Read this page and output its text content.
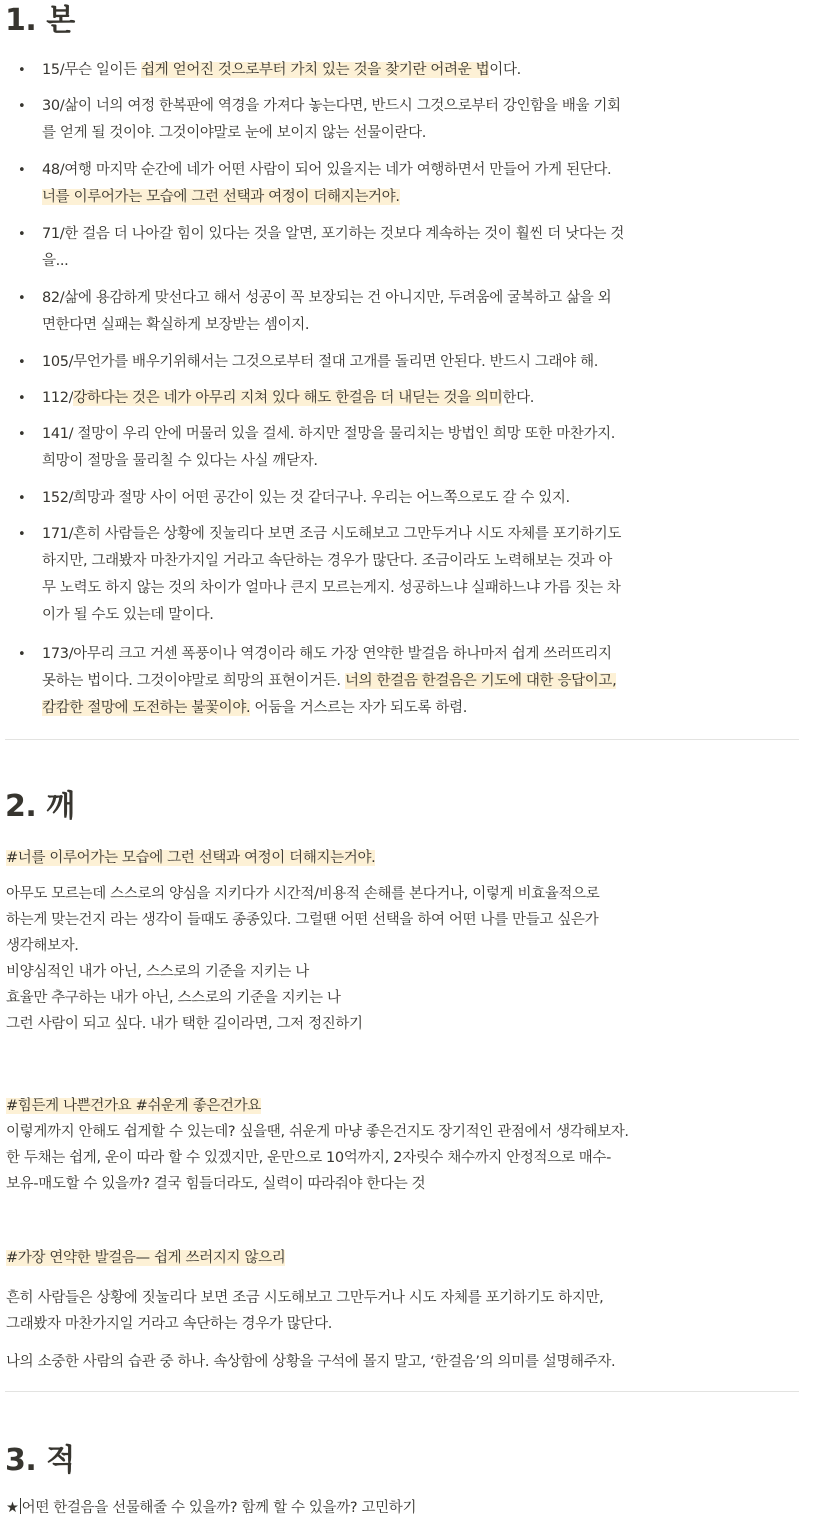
1. 본
•	15/무슨 일이든 쉽게 얻어진 것으로부터 가치 있는 것을 찾기란 어려운 법이다.
•	30/삶이 너의 여정 한복판에 역경을 가져다 놓는다면, 반드시 그것으로부터 강인함을 배울 기회
를 얻게 될 것이야. 그것이야말로 눈에 보이지 않는 선물이란다.
•	48/여행 마지막 순간에 네가 어떤 사람이 되어 있을지는 네가 여행하면서 만들어 가게 된단다.
너를 이루어가는 모습에 그런 선택과 여정이 더해지는거야.
•	71/한 걸음 더 나아갈 힘이 있다는 것을 알면, 포기하는 것보다 계속하는 것이 훨씬 더 낫다는 것
을...
•	82/삶에 용감하게 맞선다고 해서 성공이 꼭 보장되는 건 아니지만, 두려움에 굴복하고 삶을 외
면한다면 실패는 확실하게 보장받는 셈이지.
•	105/무언가를 배우기위해서는 그것으로부터 절대 고개를 돌리면 안된다. 반드시 그래야 해.
•	112/강하다는 것은 네가 아무리 지쳐 있다 해도 한걸음 더 내딛는 것을 의미한다.
•	141/ 절망이 우리 안에 머물러 있을 걸세. 하지만 절망을 물리치는 방법인 희망 또한 마찬가지.
희망이 절망을 물리칠 수 있다는 사실 깨닫자.
•	152/희망과 절망 사이 어떤 공간이 있는 것 같더구나. 우리는 어느쪽으로도 갈 수 있지.
•	171/흔히 사람들은 상황에 짓눌리다 보면 조금 시도해보고 그만두거나 시도 자체를 포기하기도
하지만, 그래봤자 마찬가지일 거라고 속단하는 경우가 많단다. 조금이라도 노력해보는 것과 아
무 노력도 하지 않는 것의 차이가 얼마나 큰지 모르는게지. 성공하느냐 실패하느냐 가름 짓는 차
이가 될 수도 있는데 말이다.
•	173/아무리 크고 거센 폭풍이나 역경이라 해도 가장 연약한 발걸음 하나마저 쉽게 쓰러뜨리지
못하는 법이다. 그것이야말로 희망의 표현이거든. 너의 한걸음 한걸음은 기도에 대한 응답이고,
캄캄한 절망에 도전하는 불꽃이야. 어둠을 거스르는 자가 되도록 하렴.
2. 깨
#너를 이루어가는 모습에 그런 선택과 여정이 더해지는거야.
아무도 모르는데 스스로의 양심을 지키다가 시간적/비용적 손해를 본다거나, 이렇게 비효율적으로
하는게 맞는건지 라는 생각이 들때도 종종있다. 그럴땐 어떤 선택을 하여 어떤 나를 만들고 싶은가
생각해보자.
비양심적인 내가 아닌, 스스로의 기준을 지키는 나
효율만 추구하는 내가 아닌, 스스로의 기준을 지키는 나
그런 사람이 되고 싶다. 내가 택한 길이라면, 그저 정진하기
#힘든게 나쁜건가요 #쉬운게 좋은건가요
이렇게까지 안해도 쉽게할 수 있는데? 싶을땐, 쉬운게 마냥 좋은건지도 장기적인 관점에서 생각해보자.
한 두채는 쉽게, 운이 따라 할 수 있겠지만, 운만으로 10억까지, 2자릿수 채수까지 안정적으로 매수-
보유-매도할 수 있을까? 결국 힘들더라도, 실력이 따라줘야 한다는 것
#가장 연약한 발걸음— 쉽게 쓰러지지 않으리
흔히 사람들은 상황에 짓눌리다 보면 조금 시도해보고 그만두거나 시도 자체를 포기하기도 하지만,
그래봤자 마찬가지일 거라고 속단하는 경우가 많단다.
나의 소중한 사람의 습관 중 하나. 속상함에 상황을 구석에 몰지 말고, ‘한걸음’의 의미를 설명해주자.
3. 적
★ 어떤 한걸음을 선물해줄 수 있을까? 함께 할 수 있을까? 고민하기
